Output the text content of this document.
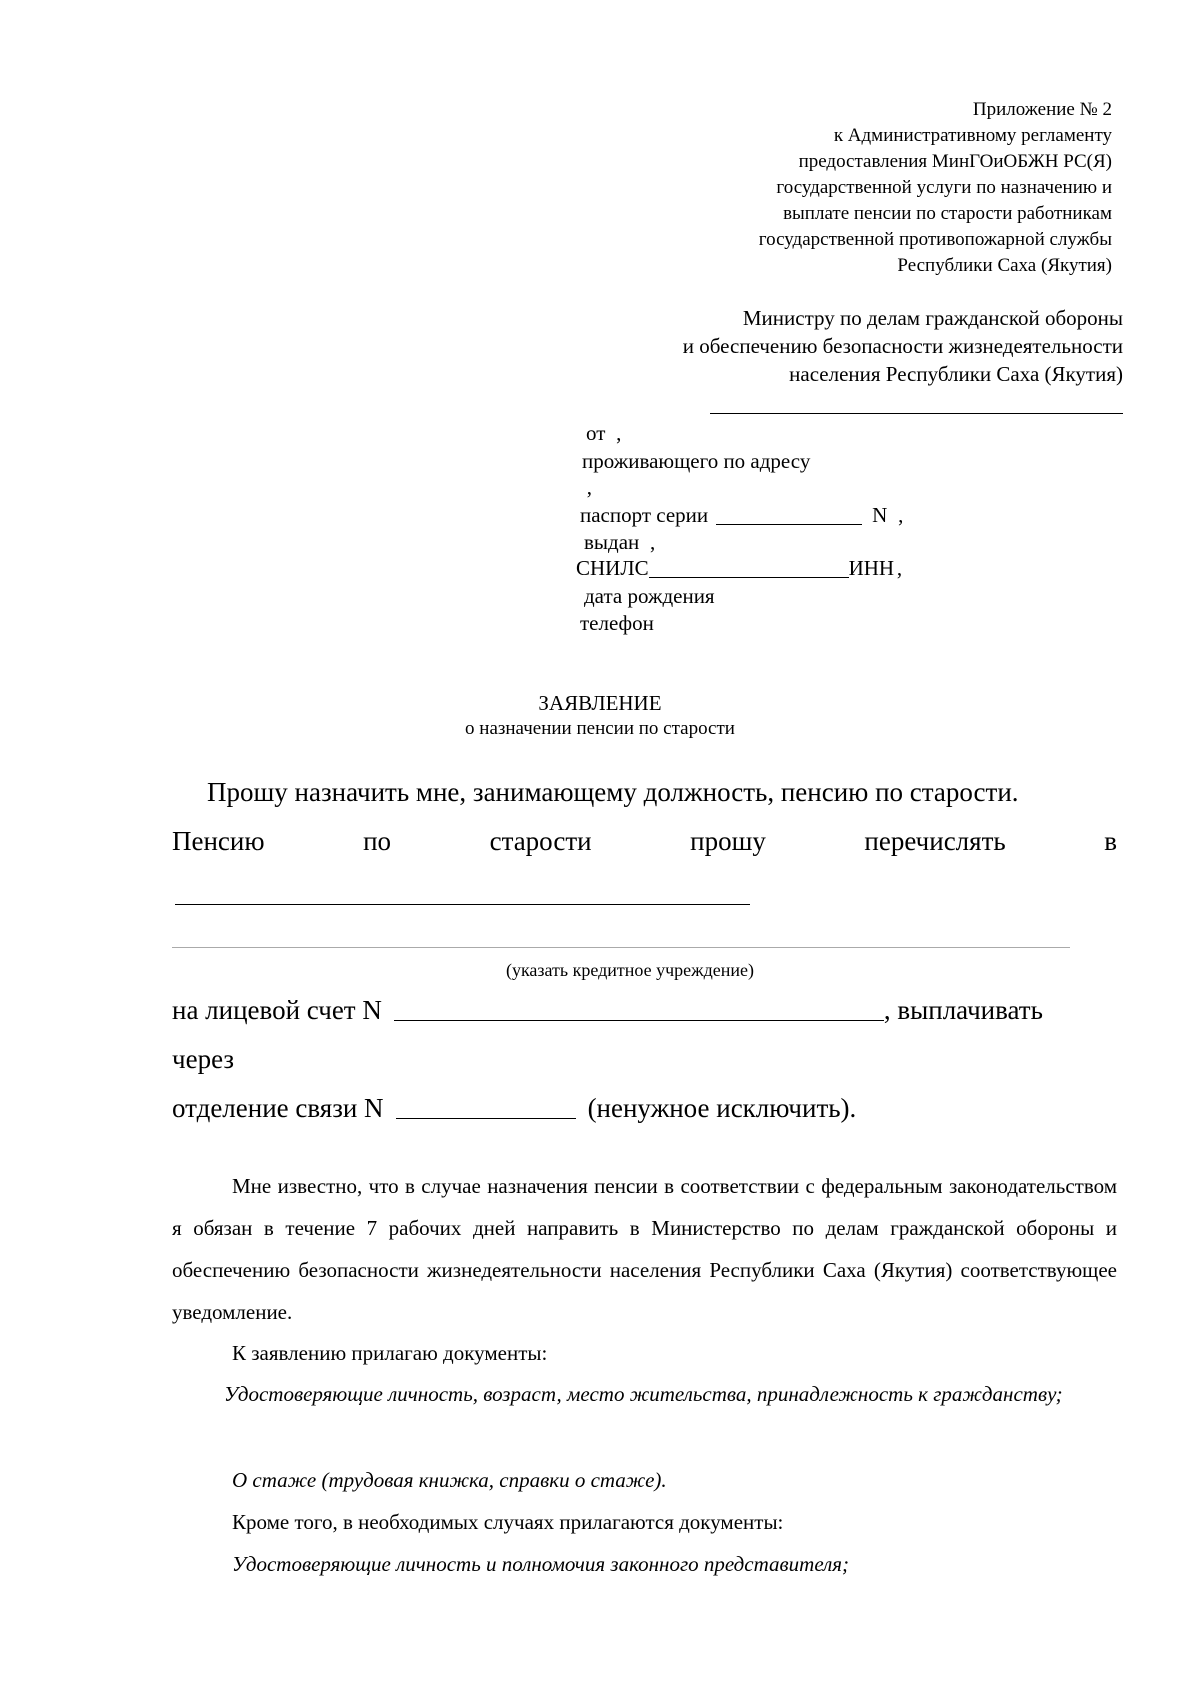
Приложение № 2
к Административному регламенту
предоставления МинГОиОБЖН РС(Я)
государственной услуги по назначению и
выплате пенсии по старости работникам
государственной противопожарной службы
Республики Саха (Якутия)
Министру по делам гражданской обороны
и обеспечению безопасности жизнедеятельности
населения Республики Саха (Якутия)
от ,
проживающего по адресу
,
паспорт серии	N ,
выдан ,
СНИЛС	ИНН ,
дата рождения
телефон
ЗАЯВЛЕНИЕ
о назначении пенсии по старости
Прошу назначить мне, занимающему должность, пенсию по старости.
Пенсию по старости прошу перечислять в
(указать кредитное учреждение)
на лицевой счет N	, выплачивать
через
отделение связи N	(ненужное исключить).
Мне известно, что в случае назначения пенсии в соответствии с федеральным законодательством я обязан в течение 7 рабочих дней направить в Министерство по делам гражданской обороны и обеспечению безопасности жизнедеятельности населения Республики Саха (Якутия) соответствующее уведомление.
К заявлению прилагаю документы:
Удостоверяющие личность, возраст, место жительства, принадлежность к гражданству;
О стаже (трудовая книжка, справки о стаже).
Кроме того, в необходимых случаях прилагаются документы:
Удостоверяющие личность и полномочия законного представителя;
